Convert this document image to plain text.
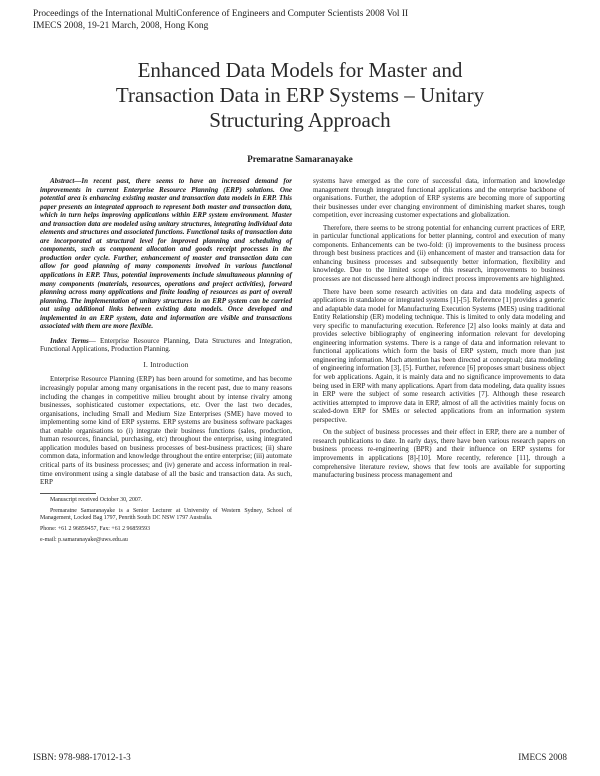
Proceedings of the International MultiConference of Engineers and Computer Scientists 2008 Vol II
IMECS 2008, 19-21 March, 2008, Hong Kong
Enhanced Data Models for Master and
Transaction Data in ERP Systems – Unitary
Structuring Approach
Premaratne Samaranayake

Abstract—In recent past, there seems to have an increased demand for improvements in current Enterprise Resource Planning (ERP) solutions. One potential area is enhancing existing master and transaction data models in ERP. This paper presents an integrated approach to represent both master and transaction data, which in turn helps improving applications within ERP system environment. Master and transaction data are modeled using unitary structures, integrating individual data elements and structures and associated functions. Functional tasks of transaction data are incorporated at structural level for improved planning and scheduling of components, such as component allocation and goods receipt processes in the production order cycle. Further, enhancement of master and transaction data can allow for good planning of many components involved in various functional applications in ERP. Thus, potential improvements include simultaneous planning of many components (materials, resources, operations and project activities), forward planning across many applications and finite loading of resources as part of overall planning. The implementation of unitary structures in an ERP system can be carried out using additional links between existing data models. Once developed and implemented in an ERP system, data and information are visible and transactions associated with them are more flexible.

Index Terms— Enterprise Resource Planning, Data Structures and Integration, Functional Applications, Production Planning.

I. Introduction

Enterprise Resource Planning (ERP) has been around for sometime, and has become increasingly popular among many organisations in the recent past, due to many reasons including the changes in competitive milieu brought about by intense rivalry among businesses, sophisticated customer expectations, etc. Over the last two decades, organisations, including Small and Medium Size Enterprises (SME) have moved to implementing some kind of ERP systems. ERP systems are business software packages that enable organisations to (i) integrate their business functions (sales, production, human resources, financial, purchasing, etc) throughout the enterprise, using integrated application modules based on business processes of best-business practices; (ii) share common data, information and knowledge throughout the entire enterprise; (iii) automate critical parts of its business processes; and (iv) generate and access information in real-time environment using a single database of all the basic and transaction data. As such, ERP

Manuscript received October 30, 2007.

Premaratne Samaranayake is a Senior Lecturer at University of Western Sydney, School of Management, Locked Bag 1797, Penrith South DC NSW 1797 Australia.

Phone: +61 2 96859457, Fax: +61 2 96859593

e-mail: p.samaranayake@uws.edu.au

systems have emerged as the core of successful data, information and knowledge management through integrated functional applications and the enterprise backbone of organisations. Further, the adoption of ERP systems are becoming more of supporting their businesses under ever changing environment of diminishing market shares, tough competition, ever increasing customer expectations and globalization.

Therefore, there seems to be strong potential for enhancing current practices of ERP, in particular functional applications for better planning, control and execution of many components. Enhancements can be two-fold: (i) improvements to the business process through best business practices and (ii) enhancement of master and transaction data for enhancing business processes and subsequently better information, flexibility and knowledge. Due to the limited scope of this research, improvements to business processes are not discussed here although indirect process improvements are highlighted.

There have been some research activities on data and data modeling aspects of applications in standalone or integrated systems [1]-[5]. Reference [1] provides a generic and adaptable data model for Manufacturing Execution Systems (MES) using traditional Entity Relationship (ER) modeling technique. This is limited to only data modeling and very specific to manufacturing execution. Reference [2] also looks mainly at data and provides selective bibliography of engineering information relevant for developing engineering information systems. There is a range of data and information relevant to functional applications which form the basis of ERP system, much more than just engineering information. Much attention has been directed at conceptual; data modeling of engineering information [3], [5]. Further, reference [6] proposes smart business object for web applications. Again, it is mainly data and no significance improvements to data being used in ERP with many applications. Apart from data modeling, data quality issues in ERP were the subject of some research activities [7]. Although these research activities attempted to improve data in ERP, almost of all the activities mainly focus on scaled-down ERP for SMEs or selected applications from an information system perspective.

On the subject of business processes and their effect in ERP, there are a number of research publications to date. In early days, there have been various research papers on business process re-engineering (BPR) and their influence on ERP systems for improvements in applications [8]-[10]. More recently, reference [11], through a comprehensive literature review, shows that few tools are available for supporting manufacturing business process management and

ISBN: 978-988-17012-1-3	IMECS 2008
